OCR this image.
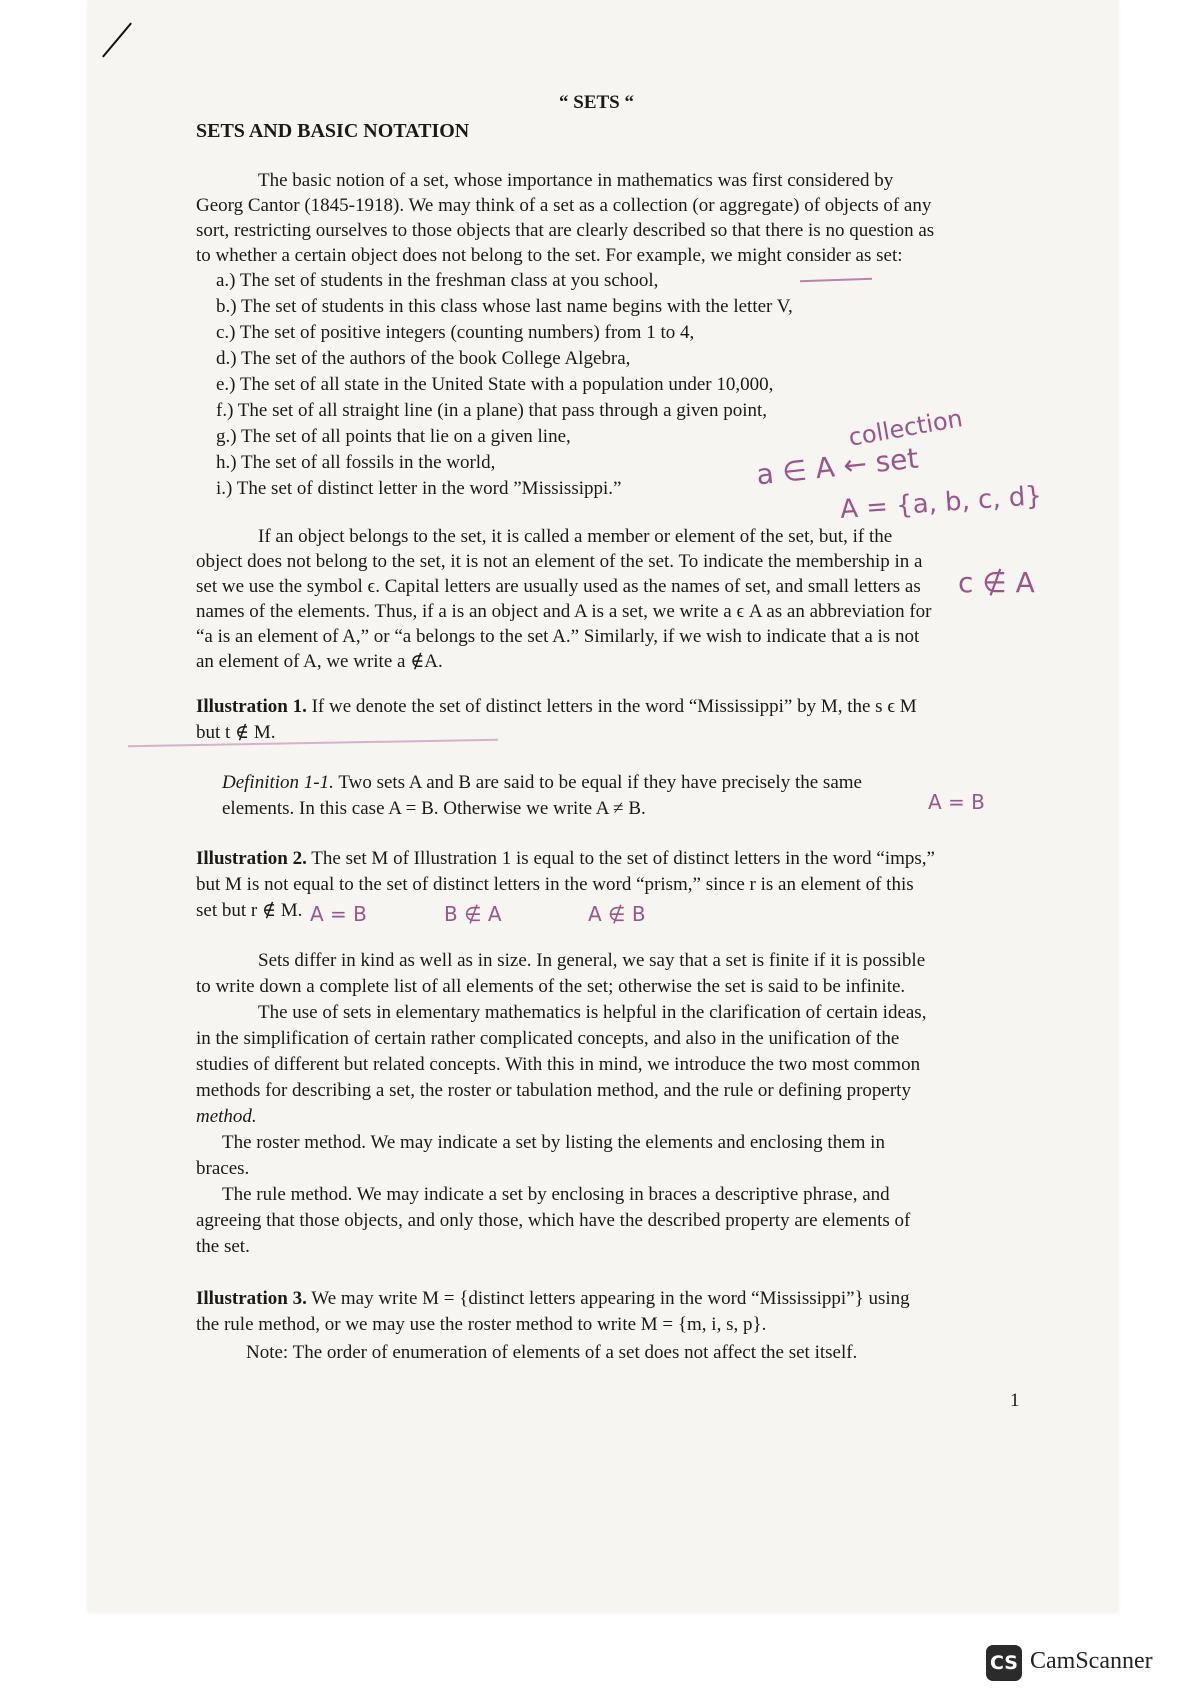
“ SETS “
SETS AND BASIC NOTATION
The basic notion of a set, whose importance in mathematics was first considered by
Georg Cantor (1845-1918). We may think of a set as a collection (or aggregate) of objects of any
sort, restricting ourselves to those objects that are clearly described so that there is no question as
to whether a certain object does not belong to the set. For example, we might consider as set:
a.) The set of students in the freshman class at you school,
b.) The set of students in this class whose last name begins with the letter V,
c.) The set of positive integers (counting numbers) from 1 to 4,
d.) The set of the authors of the book College Algebra,
e.) The set of all state in the United State with a population under 10,000,
f.) The set of all straight line (in a plane) that pass through a given point,
g.) The set of all points that lie on a given line,
h.) The set of all fossils in the world,
i.) The set of distinct letter in the word ”Mississippi.”
If an object belongs to the set, it is called a member or element of the set, but, if the
object does not belong to the set, it is not an element of the set. To indicate the membership in a
set we use the symbol ϵ. Capital letters are usually used as the names of set, and small letters as
names of the elements. Thus, if a is an object and A is a set, we write a ϵ A as an abbreviation for
“a is an element of A,” or “a belongs to the set A.” Similarly, if we wish to indicate that a is not
an element of A, we write a ∉A.
Illustration 1. If we denote the set of distinct letters in the word “Mississippi” by M, the s ϵ M
but t ∉ M.
Definition 1-1. Two sets A and B are said to be equal if they have precisely the same
elements. In this case A = B. Otherwise we write A ≠ B.
Illustration 2. The set M of Illustration 1 is equal to the set of distinct letters in the word “imps,”
but M is not equal to the set of distinct letters in the word “prism,” since r is an element of this
set but r ∉ M.
Sets differ in kind as well as in size. In general, we say that a set is finite if it is possible
to write down a complete list of all elements of the set; otherwise the set is said to be infinite.
The use of sets in elementary mathematics is helpful in the clarification of certain ideas,
in the simplification of certain rather complicated concepts, and also in the unification of the
studies of different but related concepts. With this in mind, we introduce the two most common
methods for describing a set, the roster or tabulation method, and the rule or defining property
method.
The roster method. We may indicate a set by listing the elements and enclosing them in
braces.
The rule method. We may indicate a set by enclosing in braces a descriptive phrase, and
agreeing that those objects, and only those, which have the described property are elements of
the set.
Illustration 3. We may write M = {distinct letters appearing in the word “Mississippi”} using
the rule method, or we may use the roster method to write M = {m, i, s, p}.
Note: The order of enumeration of elements of a set does not affect the set itself.
1
collection
a ∈ A ← set
A = {a, b, c, d}
c ∉ A
A = B
A = B	B ∉ A	A ∉ B
CS CamScanner
